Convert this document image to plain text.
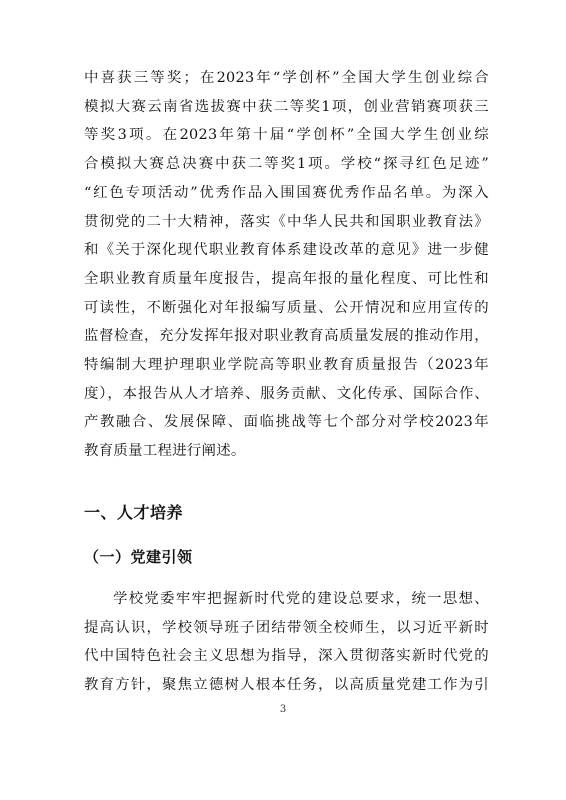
中喜获三等奖；在2023年“学创杯”全国大学生创业综合
模拟大赛云南省选拔赛中获二等奖1项，创业营销赛项获三
等奖3项。在2023年第十届“学创杯”全国大学生创业综
合模拟大赛总决赛中获二等奖1项。学校“探寻红色足迹”
“红色专项活动”优秀作品入围国赛优秀作品名单。为深入
贯彻党的二十大精神，落实《中华人民共和国职业教育法》
和《关于深化现代职业教育体系建设改革的意见》进一步健
全职业教育质量年度报告，提高年报的量化程度、可比性和
可读性，不断强化对年报编写质量、公开情况和应用宣传的
监督检查，充分发挥年报对职业教育高质量发展的推动作用，
特编制大理护理职业学院高等职业教育质量报告（2023年
度），本报告从人才培养、服务贡献、文化传承、国际合作、
产教融合、发展保障、面临挑战等七个部分对学校2023年
教育质量工程进行阐述。
一、人才培养
（一）党建引领
学校党委牢牢把握新时代党的建设总要求，统一思想、
提高认识，学校领导班子团结带领全校师生，以习近平新时
代中国特色社会主义思想为指导，深入贯彻落实新时代党的
教育方针，聚焦立德树人根本任务，以高质量党建工作为引
3
